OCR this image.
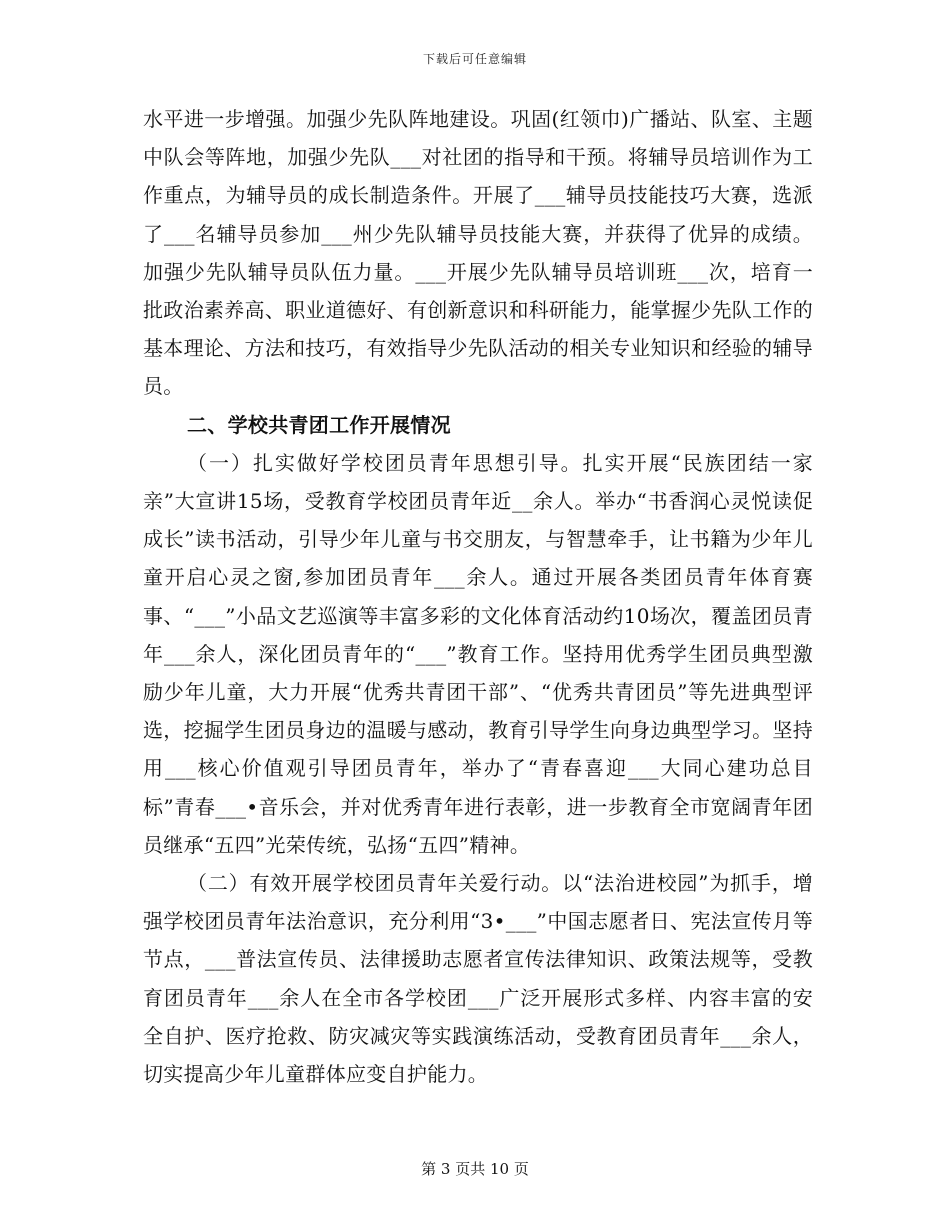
下载后可任意编辑

水平进一步增强。加强少先队阵地建设。巩固(红领巾)广播站、队室、主题中队会等阵地，加强少先队___对社团的指导和干预。将辅导员培训作为工作重点，为辅导员的成长制造条件。开展了___辅导员技能技巧大赛，选派了___名辅导员参加___州少先队辅导员技能大赛，并获得了优异的成绩。加强少先队辅导员队伍力量。___开展少先队辅导员培训班___次，培育一批政治素养高、职业道德好、有创新意识和科研能力，能掌握少先队工作的基本理论、方法和技巧，有效指导少先队活动的相关专业知识和经验的辅导员。

二、学校共青团工作开展情况

（一）扎实做好学校团员青年思想引导。扎实开展“民族团结一家亲”大宣讲15场，受教育学校团员青年近__余人。举办“书香润心灵悦读促成长”读书活动，引导少年儿童与书交朋友，与智慧牵手，让书籍为少年儿童开启心灵之窗,参加团员青年___余人。通过开展各类团员青年体育赛事、“___”小品文艺巡演等丰富多彩的文化体育活动约10场次，覆盖团员青年___余人，深化团员青年的“___”教育工作。坚持用优秀学生团员典型激励少年儿童，大力开展“优秀共青团干部”、“优秀共青团员”等先进典型评选，挖掘学生团员身边的温暖与感动，教育引导学生向身边典型学习。坚持用___核心价值观引导团员青年，举办了“青春喜迎___大同心建功总目标”青春___•音乐会，并对优秀青年进行表彰，进一步教育全市宽阔青年团员继承“五四”光荣传统，弘扬“五四”精神。

（二）有效开展学校团员青年关爱行动。以“法治进校园”为抓手，增强学校团员青年法治意识，充分利用“3•___”中国志愿者日、宪法宣传月等节点，___普法宣传员、法律援助志愿者宣传法律知识、政策法规等，受教育团员青年___余人在全市各学校团___广泛开展形式多样、内容丰富的安全自护、医疗抢救、防灾减灾等实践演练活动，受教育团员青年___余人，切实提高少年儿童群体应变自护能力。

第 3 页共 10 页
